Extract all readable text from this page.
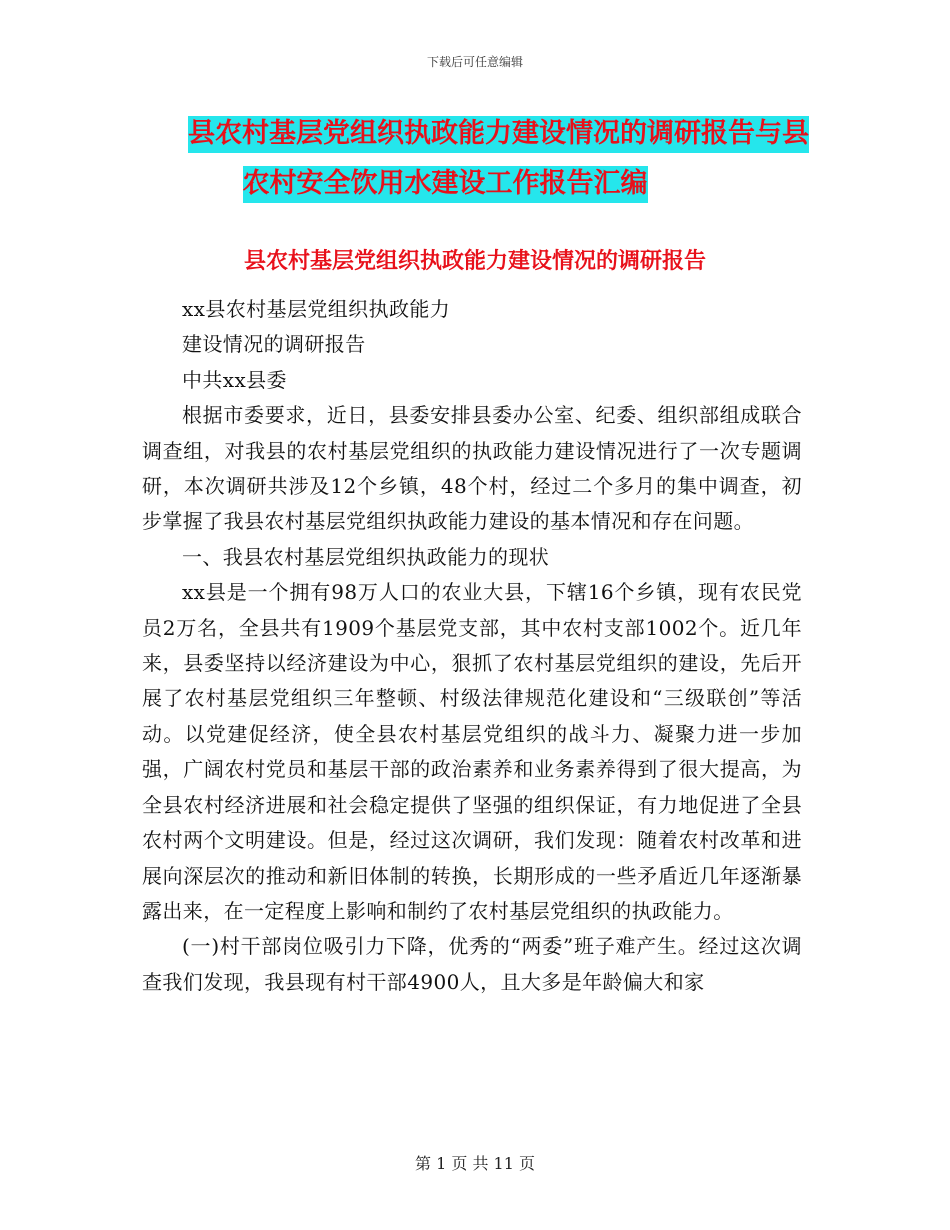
下载后可任意编辑
县农村基层党组织执政能力建设情况的调研报告与县
农村安全饮用水建设工作报告汇编
县农村基层党组织执政能力建设情况的调研报告

xx县农村基层党组织执政能力

建设情况的调研报告

中共xx县委

根据市委要求，近日，县委安排县委办公室、纪委、组织部组成联合调查组，对我县的农村基层党组织的执政能力建设情况进行了一次专题调研，本次调研共涉及12个乡镇，48个村，经过二个多月的集中调查，初步掌握了我县农村基层党组织执政能力建设的基本情况和存在问题。

一、我县农村基层党组织执政能力的现状

xx县是一个拥有98万人口的农业大县，下辖16个乡镇，现有农民党员2万名，全县共有1909个基层党支部，其中农村支部1002个。近几年来，县委坚持以经济建设为中心，狠抓了农村基层党组织的建设，先后开展了农村基层党组织三年整顿、村级法律规范化建设和“三级联创”等活动。以党建促经济，使全县农村基层党组织的战斗力、凝聚力进一步加强，广阔农村党员和基层干部的政治素养和业务素养得到了很大提高，为全县农村经济进展和社会稳定提供了坚强的组织保证，有力地促进了全县农村两个文明建设。但是，经过这次调研，我们发现：随着农村改革和进展向深层次的推动和新旧体制的转换，长期形成的一些矛盾近几年逐渐暴露出来，在一定程度上影响和制约了农村基层党组织的执政能力。

(一)村干部岗位吸引力下降，优秀的“两委”班子难产生。经过这次调查我们发现，我县现有村干部4900人，且大多是年龄偏大和家

第 1 页 共 11 页
